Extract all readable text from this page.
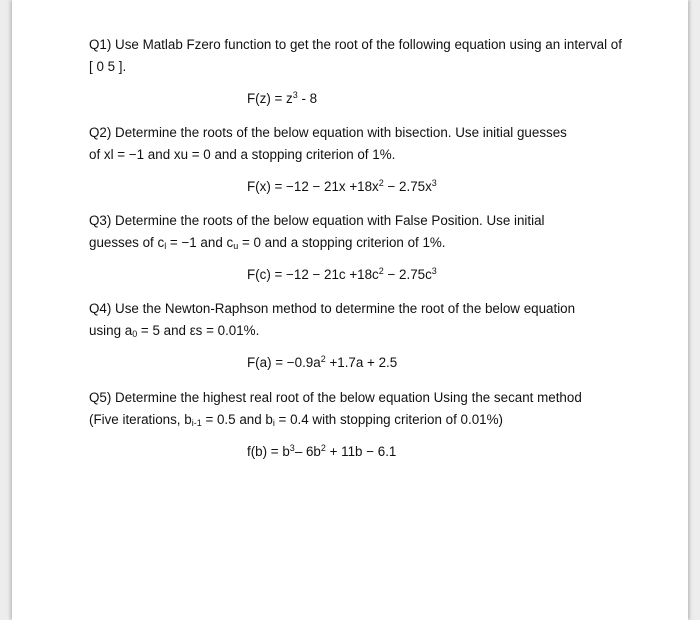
Q1) Use Matlab Fzero function to get the root of the following equation using an interval of [ 0 5 ].

$F(z) = z^3 - 8$

Q2) Determine the roots of the below equation with bisection. Use initial guesses
of xl = −1 and xu = 0 and a stopping criterion of 1%.

$F(x) = -12 - 21x +18x^2 - 2.75x^3$

Q3) Determine the roots of the below equation with False Position. Use initial
guesses of $c_l = -1$ and $c_u = 0$ and a stopping criterion of 1%.

$F(c) = -12 - 21c +18c^2 - 2.75c^3$

Q4) Use the Newton-Raphson method to determine the root of the below equation
using $a_0 = 5$ and εs = 0.01%.

$F(a) = -0.9a^2 +1.7a + 2.5$

Q5) Determine the highest real root of the below equation Using the secant method
(Five iterations, $b_{i-1} = 0.5$ and $b_i = 0.4$ with stopping criterion of 0.01%)

$f(b) = b^3-$ $6b^2 + 11b - 6.1$
